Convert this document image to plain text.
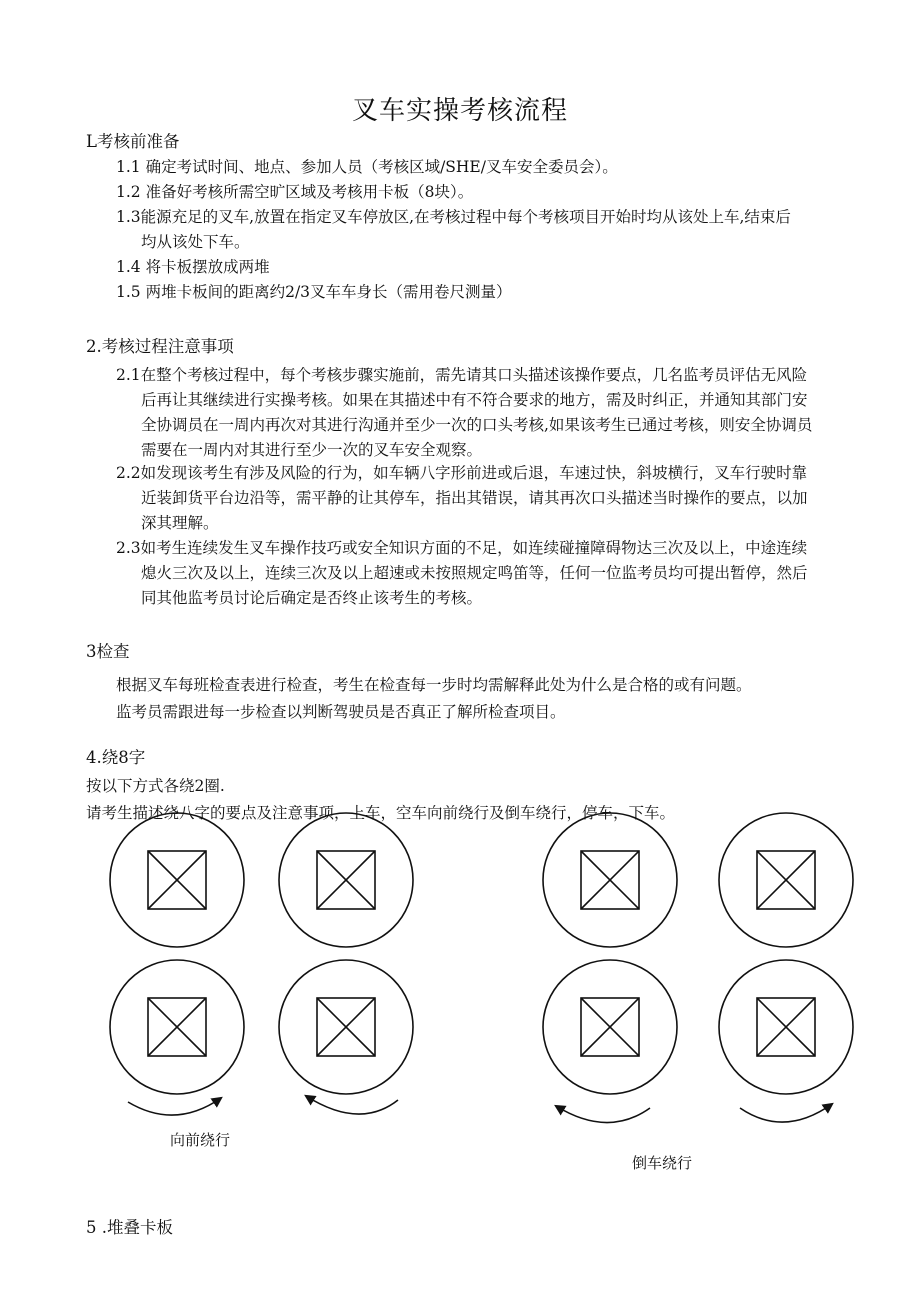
叉车实操考核流程
L考核前准备
1.1 确定考试时间、地点、参加人员（考核区域/SHE/叉车安全委员会）。
1.2 准备好考核所需空旷区域及考核用卡板（8块）。
1.3能源充足的叉车,放置在指定叉车停放区,在考核过程中每个考核项目开始时均从该处上车,结束后
均从该处下车。
1.4 将卡板摆放成两堆
1.5 两堆卡板间的距离约2/3叉车车身长（需用卷尺测量）
2.考核过程注意事项
2.1在整个考核过程中，每个考核步骤实施前，需先请其口头描述该操作要点，几名监考员评估无风险
后再让其继续进行实操考核。如果在其描述中有不符合要求的地方，需及时纠正，并通知其部门安
全协调员在一周内再次对其进行沟通并至少一次的口头考核,如果该考生已通过考核，则安全协调员
需要在一周内对其进行至少一次的叉车安全观察。
2.2如发现该考生有涉及风险的行为，如车辆八字形前进或后退，车速过快，斜坡横行，叉车行驶时靠
近装卸货平台边沿等，需平静的让其停车，指出其错误，请其再次口头描述当时操作的要点，以加
深其理解。
2.3如考生连续发生叉车操作技巧或安全知识方面的不足，如连续碰撞障碍物达三次及以上，中途连续
熄火三次及以上，连续三次及以上超速或未按照规定鸣笛等，任何一位监考员均可提出暂停，然后
同其他监考员讨论后确定是否终止该考生的考核。
3检查
根据叉车每班检查表进行检查，考生在检查每一步时均需解释此处为什么是合格的或有问题。
监考员需跟进每一步检查以判断驾驶员是否真正了解所检查项目。
4.绕8字
按以下方式各绕2圈.
请考生描述绕八字的要点及注意事项，上车，空车向前绕行及倒车绕行，停车，下车。
向前绕行
倒车绕行
5 .堆叠卡板
